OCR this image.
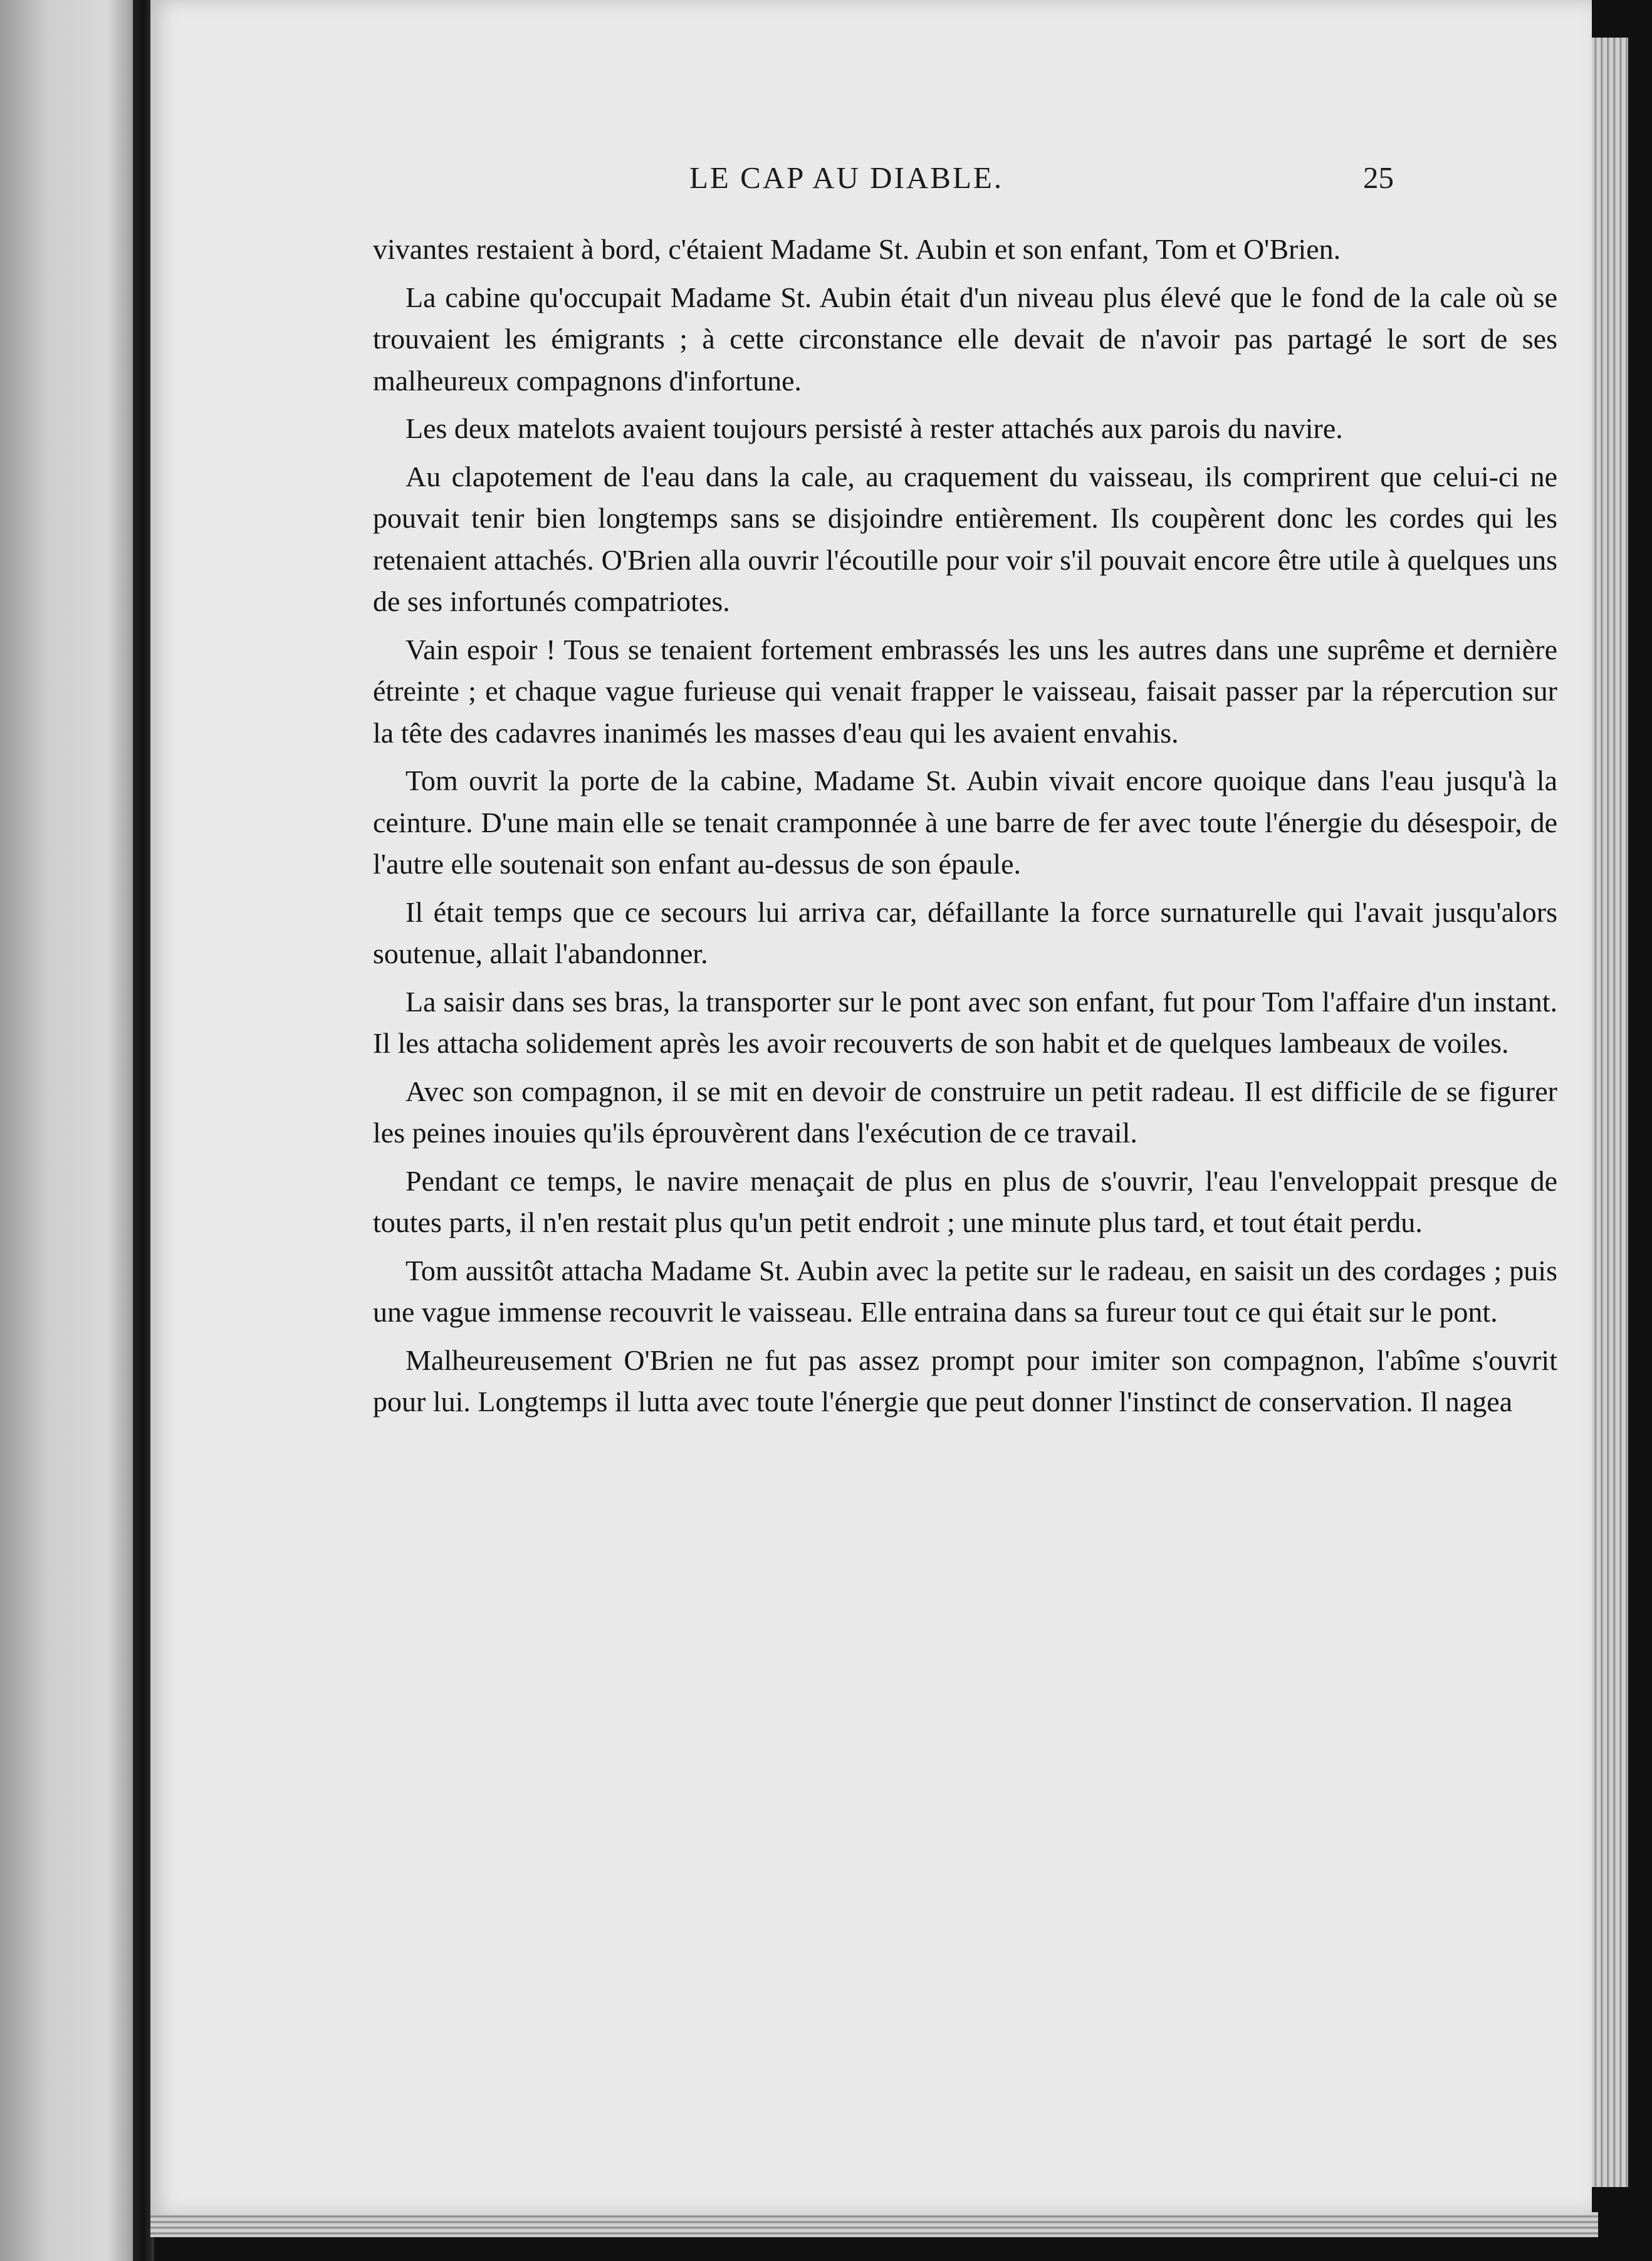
LE CAP AU DIABLE.	25

vivantes restaient à bord, c'étaient Madame St. Aubin et son enfant, Tom et O'Brien.

La cabine qu'occupait Madame St. Aubin était d'un niveau plus élevé que le fond de la cale où se trouvaient les émigrants ; à cette circonstance elle devait de n'avoir pas partagé le sort de ses malheureux compagnons d'infortune.

Les deux matelots avaient toujours persisté à rester attachés aux parois du navire.

Au clapotement de l'eau dans la cale, au craquement du vaisseau, ils comprirent que celui-ci ne pouvait tenir bien longtemps sans se disjoindre entièrement. Ils coupèrent donc les cordes qui les retenaient attachés. O'Brien alla ouvrir l'écoutille pour voir s'il pouvait encore être utile à quelques uns de ses infortunés compatriotes.

Vain espoir ! Tous se tenaient fortement embrassés les uns les autres dans une suprême et dernière étreinte ; et chaque vague furieuse qui venait frapper le vaisseau, faisait passer par la répercution sur la tête des cadavres inanimés les masses d'eau qui les avaient envahis.

Tom ouvrit la porte de la cabine, Madame St. Aubin vivait encore quoique dans l'eau jusqu'à la ceinture. D'une main elle se tenait cramponnée à une barre de fer avec toute l'énergie du désespoir, de l'autre elle soutenait son enfant au-dessus de son épaule.

Il était temps que ce secours lui arriva car, défaillante la force surnaturelle qui l'avait jusqu'alors soutenue, allait l'abandonner.

La saisir dans ses bras, la transporter sur le pont avec son enfant, fut pour Tom l'affaire d'un instant. Il les attacha solidement après les avoir recouverts de son habit et de quelques lambeaux de voiles.

Avec son compagnon, il se mit en devoir de construire un petit radeau. Il est difficile de se figurer les peines inouies qu'ils éprouvèrent dans l'exécution de ce travail.

Pendant ce temps, le navire menaçait de plus en plus de s'ouvrir, l'eau l'enveloppait presque de toutes parts, il n'en restait plus qu'un petit endroit ; une minute plus tard, et tout était perdu.

Tom aussitôt attacha Madame St. Aubin avec la petite sur le radeau, en saisit un des cordages ; puis une vague immense recouvrit le vaisseau. Elle entraina dans sa fureur tout ce qui était sur le pont.

Malheureusement O'Brien ne fut pas assez prompt pour imiter son compagnon, l'abîme s'ouvrit pour lui. Longtemps il lutta avec toute l'énergie que peut donner l'instinct de conservation. Il nagea
